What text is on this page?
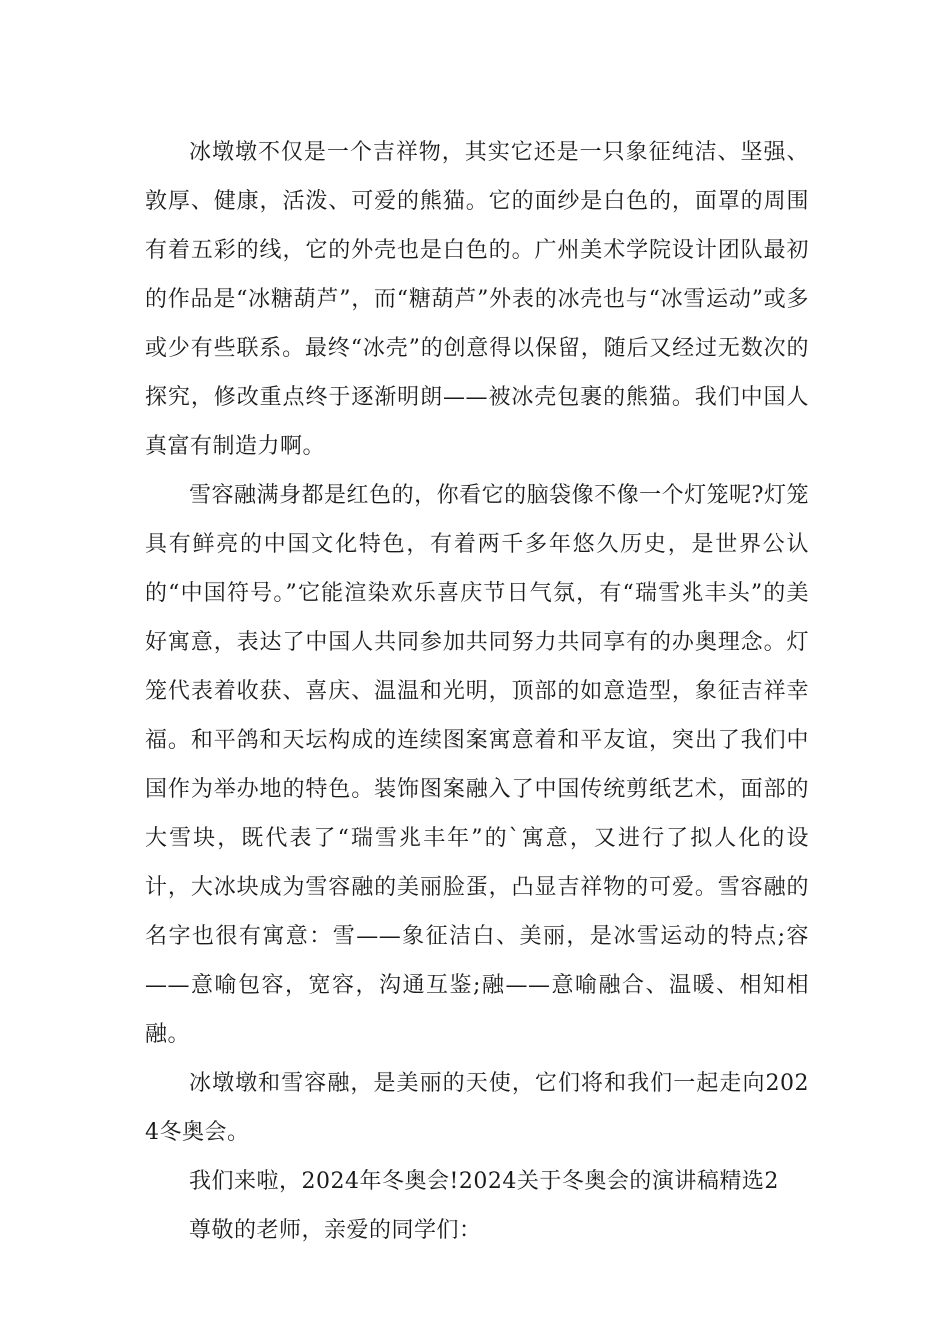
冰墩墩不仅是一个吉祥物，其实它还是一只象征纯洁、坚强、敦厚、健康，活泼、可爱的熊猫。它的面纱是白色的，面罩的周围有着五彩的线，它的外壳也是白色的。广州美术学院设计团队最初的作品是“冰糖葫芦”，而“糖葫芦”外表的冰壳也与“冰雪运动”或多或少有些联系。最终“冰壳”的创意得以保留，随后又经过无数次的探究，修改重点终于逐渐明朗——被冰壳包裹的熊猫。我们中国人真富有制造力啊。

雪容融满身都是红色的，你看它的脑袋像不像一个灯笼呢?灯笼具有鲜亮的中国文化特色，有着两千多年悠久历史，是世界公认的“中国符号。”它能渲染欢乐喜庆节日气氛，有“瑞雪兆丰头”的美好寓意，表达了中国人共同参加共同努力共同享有的办奥理念。灯笼代表着收获、喜庆、温温和光明，顶部的如意造型，象征吉祥幸福。和平鸽和天坛构成的连续图案寓意着和平友谊，突出了我们中国作为举办地的特色。装饰图案融入了中国传统剪纸艺术，面部的大雪块，既代表了“瑞雪兆丰年”的`寓意，又进行了拟人化的设计，大冰块成为雪容融的美丽脸蛋，凸显吉祥物的可爱。雪容融的名字也很有寓意：雪——象征洁白、美丽，是冰雪运动的特点;容——意喻包容，宽容，沟通互鉴;融——意喻融合、温暖、相知相融。

冰墩墩和雪容融，是美丽的天使，它们将和我们一起走向2024冬奥会。

我们来啦，2024年冬奥会!2024关于冬奥会的演讲稿精选2

尊敬的老师，亲爱的同学们：
